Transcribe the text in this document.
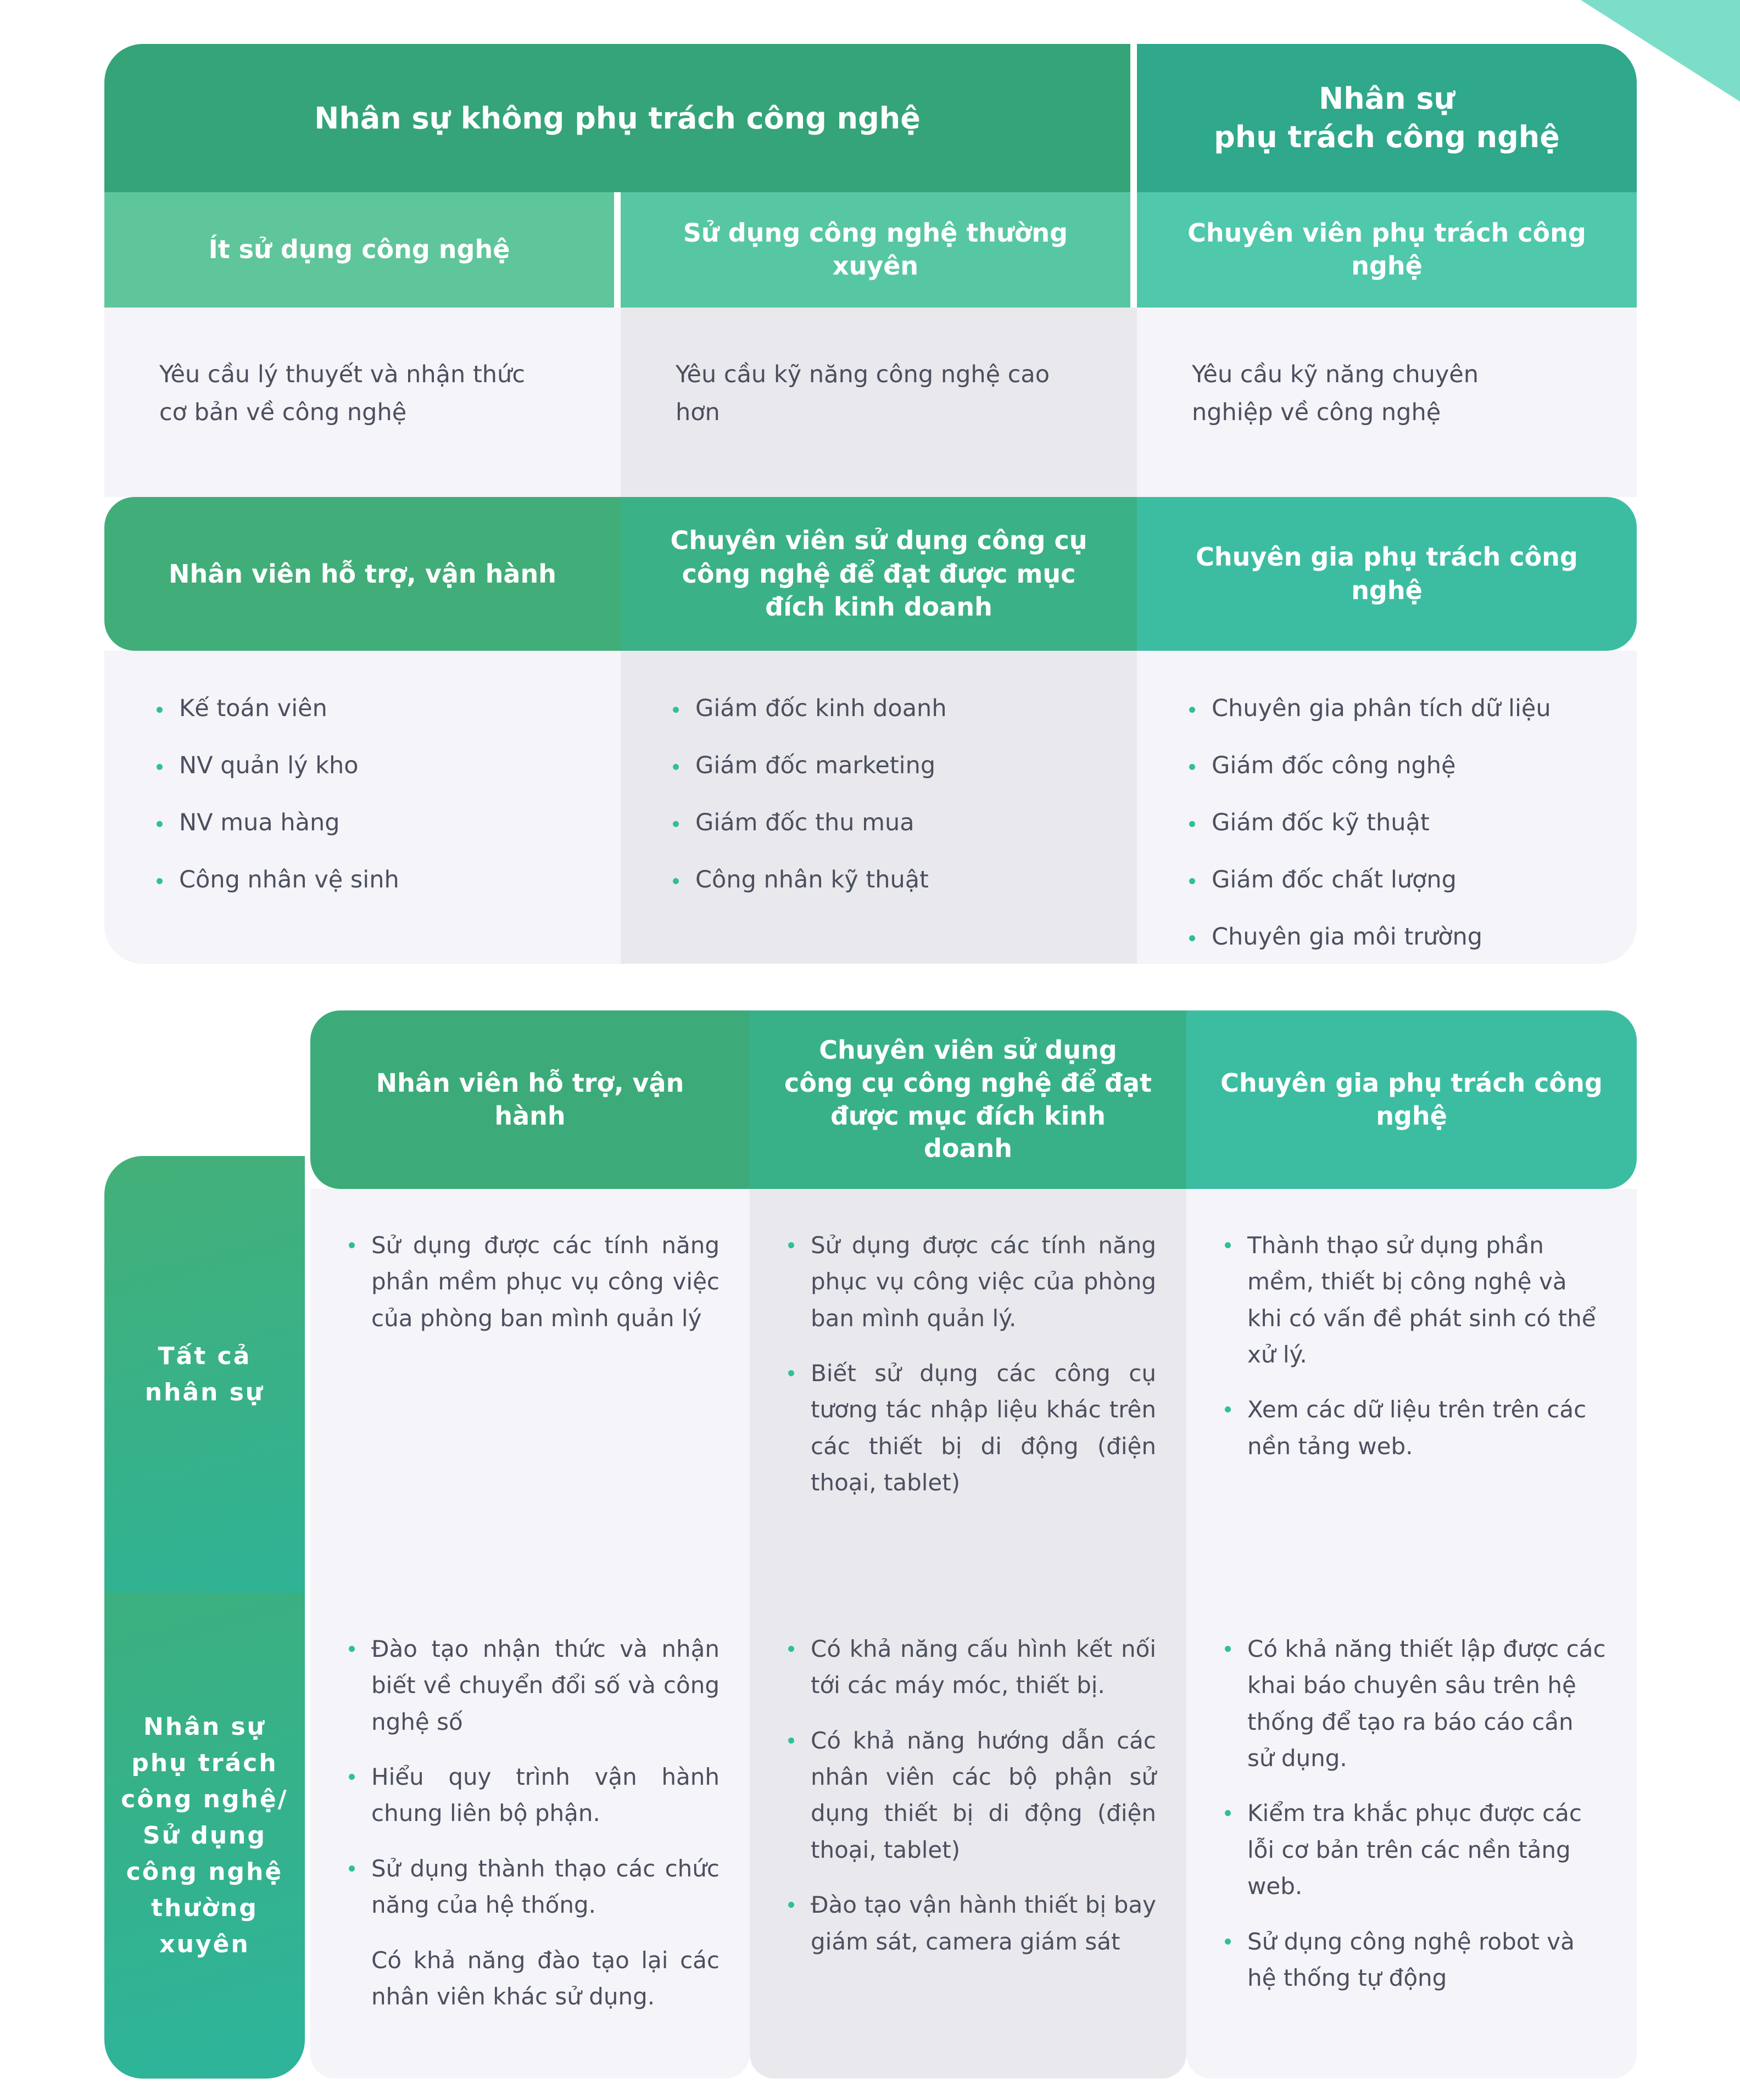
Nhân sự không phụ trách công nghệ
Nhân sự
phụ trách công nghệ
Ít sử dụng công nghệ
Sử dụng công nghệ thường xuyên
Chuyên viên phụ trách công nghệ
Yêu cầu lý thuyết và nhận thức cơ bản về công nghệ
Yêu cầu kỹ năng công nghệ cao hơn
Yêu cầu kỹ năng chuyên nghiệp về công nghệ
Nhân viên hỗ trợ, vận hành
Chuyên viên sử dụng công cụ công nghệ để đạt được mục đích kinh doanh
Chuyên gia phụ trách công nghệ
Kế toán viên
NV quản lý kho
NV mua hàng
Công nhân vệ sinh
Giám đốc kinh doanh
Giám đốc marketing
Giám đốc thu mua
Công nhân kỹ thuật
Chuyên gia phân tích dữ liệu
Giám đốc công nghệ
Giám đốc kỹ thuật
Giám đốc chất lượng
Chuyên gia môi trường
Nhân viên hỗ trợ, vận hành
Chuyên viên sử dụng công cụ công nghệ để đạt được mục đích kinh doanh
Chuyên gia phụ trách công nghệ
Tất cả nhân sự
Sử dụng được các tính năng phần mềm phục vụ công việc của phòng ban mình quản lý
Sử dụng được các tính năng phục vụ công việc của phòng ban mình quản lý.
Biết sử dụng các công cụ tương tác nhập liệu khác trên các thiết bị di động (điện thoại, tablet)
Thành thạo sử dụng phần mềm, thiết bị công nghệ và khi có vấn đề phát sinh có thể xử lý.
Xem các dữ liệu trên trên các nền tảng web.
Nhân sự phụ trách công nghệ/ Sử dụng công nghệ thường xuyên
Đào tạo nhận thức và nhận biết về chuyển đổi số và công nghệ số
Hiểu quy trình vận hành chung liên bộ phận.
Sử dụng thành thạo các chức năng của hệ thống.
Có khả năng đào tạo lại các nhân viên khác sử dụng.
Có khả năng cấu hình kết nối tới các máy móc, thiết bị.
Có khả năng hướng dẫn các nhân viên các bộ phận sử dụng thiết bị di động (điện thoại, tablet)
Đào tạo vận hành thiết bị bay giám sát, camera giám sát
Có khả năng thiết lập được các khai báo chuyên sâu trên hệ thống để tạo ra báo cáo cần sử dụng.
Kiểm tra khắc phục được các lỗi cơ bản trên các nền tảng web.
Sử dụng công nghệ robot và hệ thống tự động
